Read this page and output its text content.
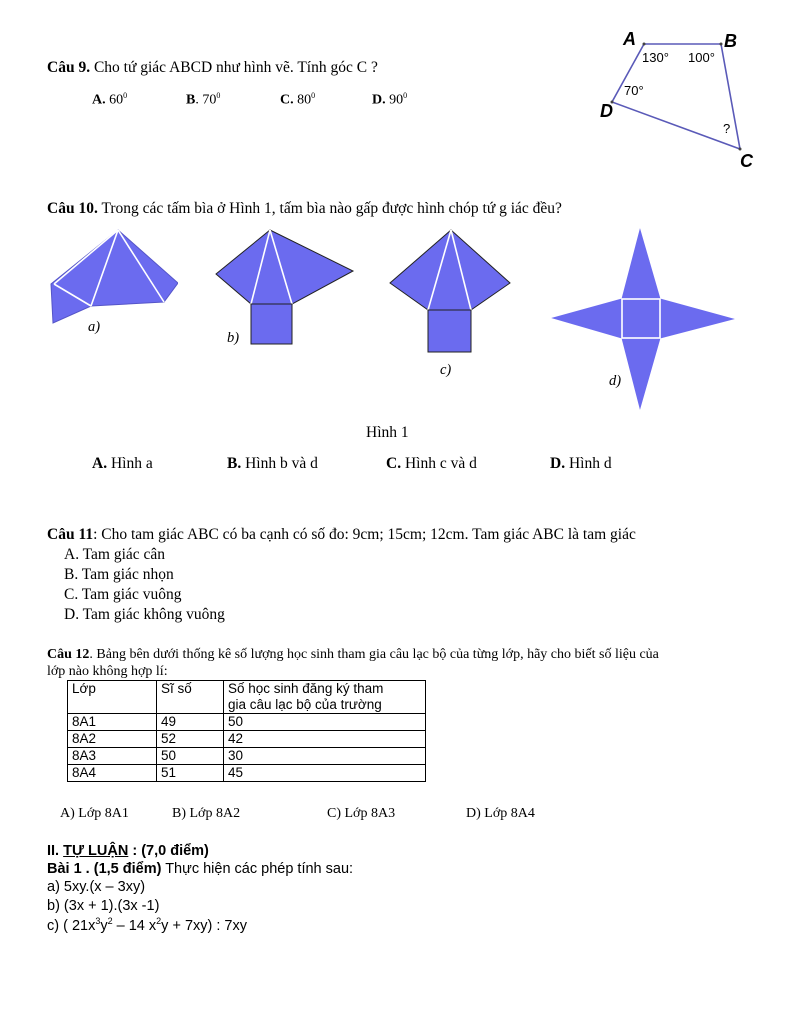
Câu 9. Cho tứ giác ABCD như hình vẽ. Tính góc C ?
A. $60^0$	B. $70^0$	C. $80^0$	D. $90^0$
A	B
C
D
130° 100°
70°
?
Câu 10. Trong các tấm bìa ở Hình 1, tấm bìa nào gấp được hình chóp tứ g iác đều?
a)
b)
c)
d)
Hình 1
A. Hình a	B. Hình b và d	C. Hình c và d	D. Hình d
Câu 11: Cho tam giác ABC có ba cạnh có số đo: 9cm; 15cm; 12cm. Tam giác ABC là tam giác
A. Tam giác cân
B. Tam giác nhọn
C. Tam giác vuông
D. Tam giác không vuông
Câu 12. Bảng bên dưới thống kê số lượng học sinh tham gia câu lạc bộ của từng lớp, hãy cho biết số liệu của
lớp nào không hợp lí:
Lớp	Sĩ số	Số học sinh đăng ký tham
gia câu lạc bộ của trường
8A1	49	50
8A2	52	42
8A3	50	30
8A4	51	45
A) Lớp 8A1	B) Lớp 8A2	C) Lớp 8A3	D) Lớp 8A4
II. TỰ LUẬN : (7,0 điểm)
Bài 1 . (1,5 điểm) Thực hiện các phép tính sau:
a) 5xy.(x – 3xy)
b) (3x + 1).(3x -1)
c) ( $21x^3y^2 - 14$ $x^2y + 7xy$) : 7xy
